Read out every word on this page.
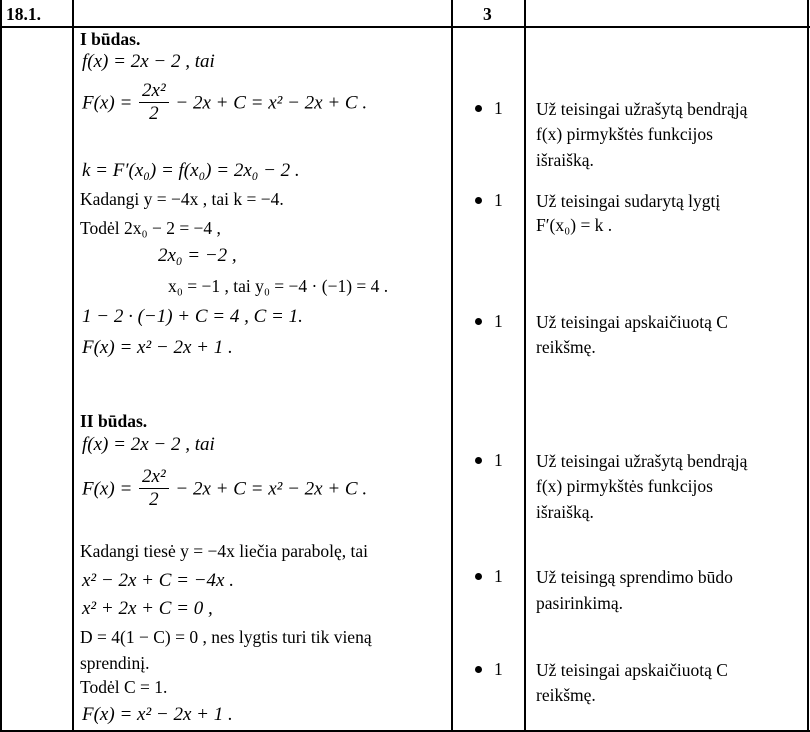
18.1.	3
I būdas.
f(x) = 2x − 2 , tai
$F(x) = \frac{\text{2x²}}{2} - 2x + C = x^2 - 2x + C$ .
k = F′(x₀) = f(x₀) = 2x₀ − 2 .
Kadangi y = −4x , tai k = −4.
Todėl 2x₀ − 2 = −4 ,
2x₀ = −2 ,
x₀ = −1 , tai y₀ = −4 · (−1) = 4 .
1 − 2 · (−1) + C = 4 , C = 1.
F(x) = x² − 2x + 1 .
II būdas.
f(x) = 2x − 2 , tai
$F(x) = \frac{\text{2x²}}{2} - 2x + C = x^2 - 2x + C$ .
Kadangi tiesė y = −4x liečia parabolę, tai
x² − 2x + C = −4x .
x² + 2x + C = 0 ,
D = 4(1 − C) = 0 , nes lygtis turi tik vieną
sprendinį.
Todėl C = 1.
F(x) = x² − 2x + 1 .
1
1
1
1
1
1
Už teisingai užrašytą bendrąją
f(x) pirmykštės funkcijos
išraišką.
Už teisingai sudarytą lygtį
F′(x₀) = k .
Už teisingai apskaičiuotą C
reikšmę.
Už teisingai užrašytą bendrąją
f(x) pirmykštės funkcijos
išraišką.
Už teisingą sprendimo būdo
pasirinkimą.
Už teisingai apskaičiuotą C
reikšmę.
